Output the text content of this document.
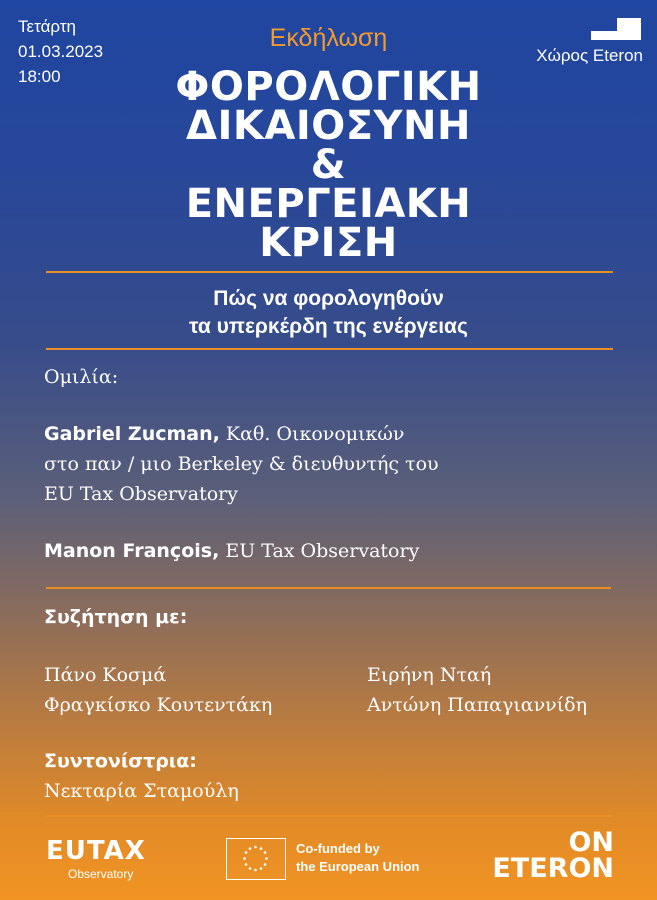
Τετάρτη
01.03.2023
18:00
Εκδήλωση
Χώρος Eteron
ΦΟΡΟΛΟΓΙΚΗ
ΔΙΚΑΙΟΣΥΝΗ
&
ΕΝΕΡΓΕΙΑΚΗ
ΚΡΙΣΗ
Πώς να φορολογηθούν
τα υπερκέρδη της ενέργειας
Ομιλία:
Gabriel Zucman, Καθ. Οικονομικών
στο παν / μιο Berkeley & διευθυντής του
EU Tax Observatory
Manon François, EU Tax Observatory
Συζήτηση με:
Πάνο Κοσμά
Φραγκίσκο Κουτεντάκη
Ειρήνη Νταή
Αντώνη Παπαγιαννίδη
Συντονίστρια:
Νεκταρία Σταμούλη
EUTAX
Observatory
Co-funded by
the European Union
ON
ETERON
